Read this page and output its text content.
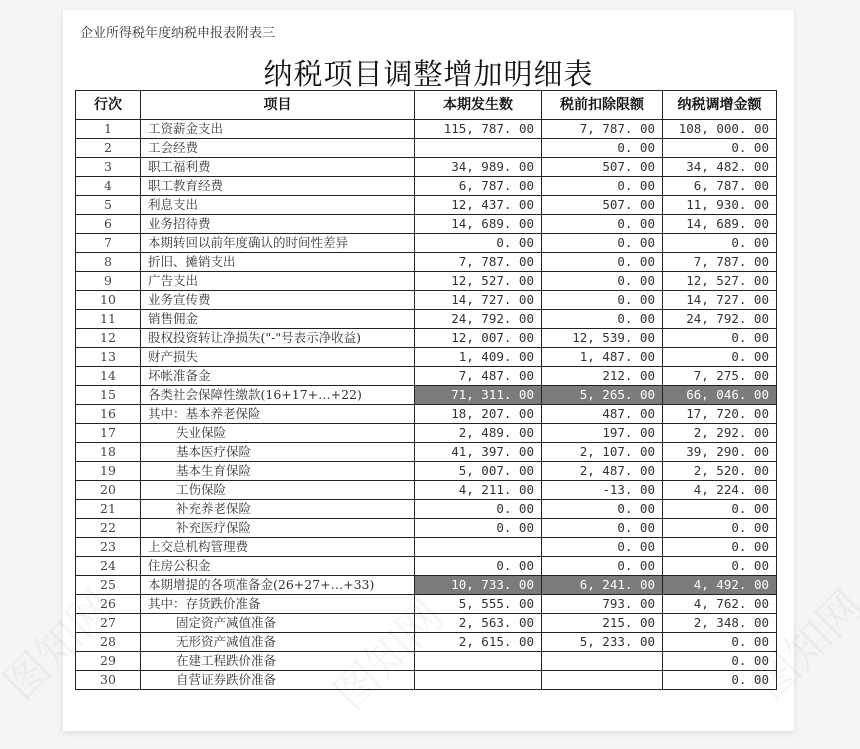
企业所得税年度纳税申报表附表三
纳税项目调整增加明细表
行次	项目	本期发生数	税前扣除限额	纳税调增金额
1	工资薪金支出	115, 787. 00	7, 787. 00	108, 000. 00
2	工会经费		0. 00	0. 00
3	职工福利费	34, 989. 00	507. 00	34, 482. 00
4	职工教育经费	6, 787. 00	0. 00	6, 787. 00
5	利息支出	12, 437. 00	507. 00	11, 930. 00
6	业务招待费	14, 689. 00	0. 00	14, 689. 00
7	本期转回以前年度确认的时间性差异	0. 00	0. 00	0. 00
8	折旧、摊销支出	7, 787. 00	0. 00	7, 787. 00
9	广告支出	12, 527. 00	0. 00	12, 527. 00
10	业务宣传费	14, 727. 00	0. 00	14, 727. 00
11	销售佣金	24, 792. 00	0. 00	24, 792. 00
12	股权投资转让净损失("-"号表示净收益)	12, 007. 00	12, 539. 00	0. 00
13	财产损失	1, 409. 00	1, 487. 00	0. 00
14	坏帐准备金	7, 487. 00	212. 00	7, 275. 00
15	各类社会保障性缴款(16+17+…+22)	71, 311. 00	5, 265. 00	66, 046. 00
16	其中：基本养老保险	18, 207. 00	487. 00	17, 720. 00
17	失业保险	2, 489. 00	197. 00	2, 292. 00
18	基本医疗保险	41, 397. 00	2, 107. 00	39, 290. 00
19	基本生育保险	5, 007. 00	2, 487. 00	2, 520. 00
20	工伤保险	4, 211. 00	-13. 00	4, 224. 00
21	补充养老保险	0. 00	0. 00	0. 00
22	补充医疗保险	0. 00	0. 00	0. 00
23	上交总机构管理费		0. 00	0. 00
24	住房公积金	0. 00	0. 00	0. 00
25	本期增提的各项准备金(26+27+…+33)	10, 733. 00	6, 241. 00	4, 492. 00
26	其中：存货跌价准备	5, 555. 00	793. 00	4, 762. 00
27	固定资产减值准备	2, 563. 00	215. 00	2, 348. 00
28	无形资产减值准备	2, 615. 00	5, 233. 00	0. 00
29	在建工程跌价准备			0. 00
30	自营证券跌价准备			0. 00
